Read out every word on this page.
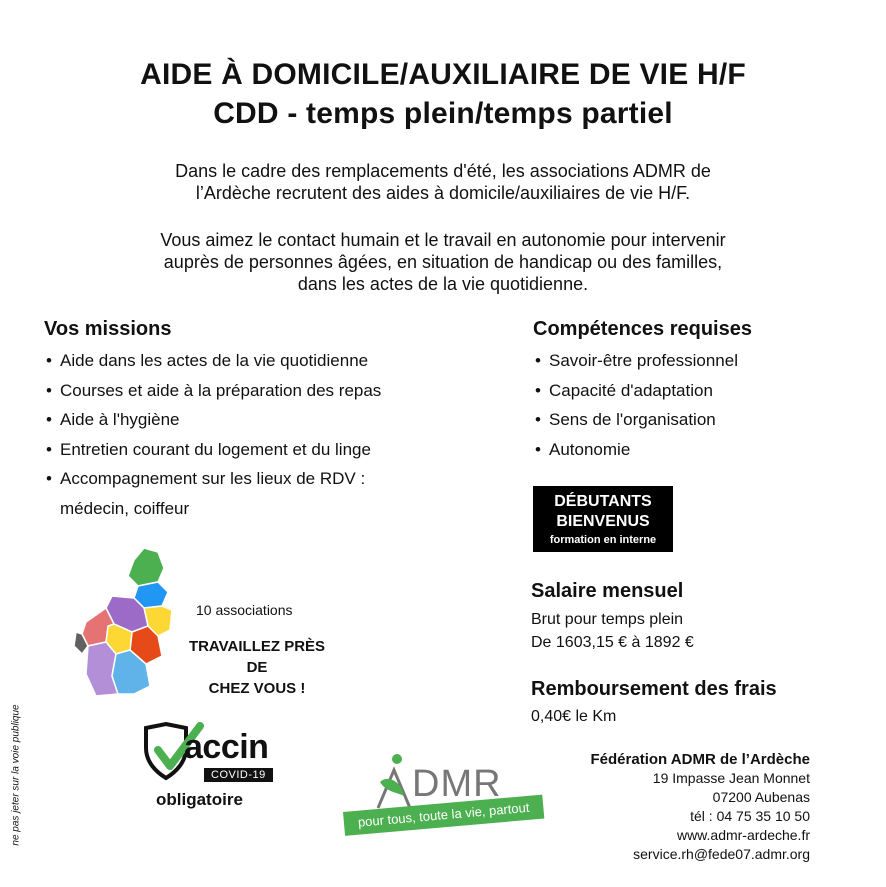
AIDE À DOMICILE/AUXILIAIRE DE VIE H/F
CDD - temps plein/temps partiel
Dans le cadre des remplacements d'été, les associations ADMR de
l’Ardèche recrutent des aides à domicile/auxiliaires de vie H/F.
Vous aimez le contact humain et le travail en autonomie pour intervenir
auprès de personnes âgées, en situation de handicap ou des familles,
dans les actes de la vie quotidienne.
Vos missions
• Aide dans les actes de la vie quotidienne
• Courses et aide à la préparation des repas
• Aide à l'hygiène
• Entretien courant du logement et du linge
• Accompagnement sur les lieux de RDV :
médecin, coiffeur
Compétences requises
• Savoir-être professionnel
• Capacité d'adaptation
• Sens de l'organisation
• Autonomie
DÉBUTANTS
BIENVENUS
formation en interne
Salaire mensuel
Brut pour temps plein
De 1603,15 € à 1892 €
Remboursement des frais
0,40€ le Km
10 associations
TRAVAILLEZ PRÈS DE
CHEZ VOUS !
accin
COVID-19
obligatoire	DMR
pour tous, toute la vie, partout
Fédération ADMR de l’Ardèche
19 Impasse Jean Monnet
07200 Aubenas
tél : 04 75 35 10 50
www.admr-ardeche.fr
service.rh@fede07.admr.org
ne pas jeter sur la voie publique
